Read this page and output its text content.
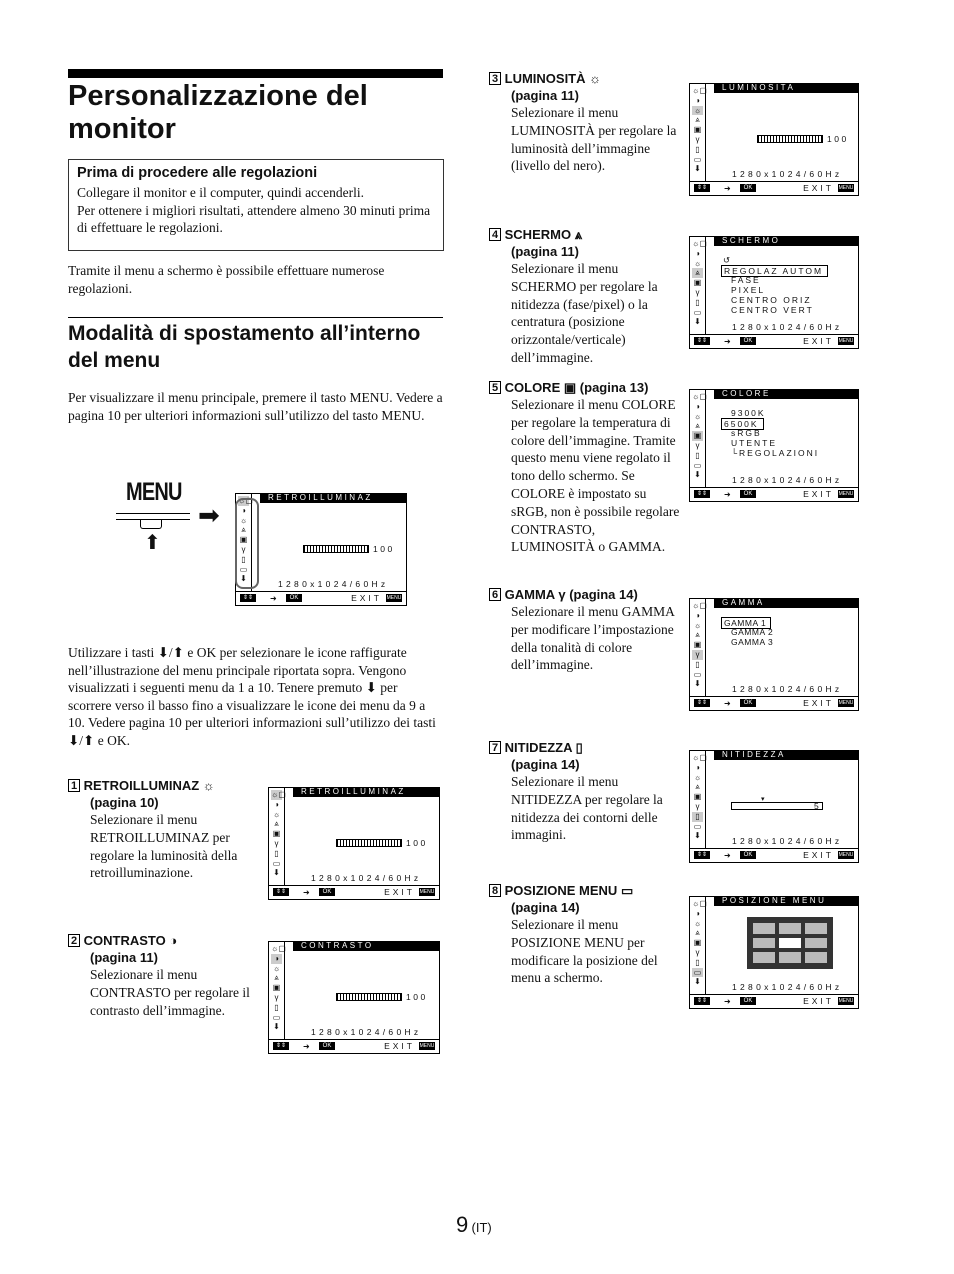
Personalizzazione del monitor
Prima di procedere alle regolazioni

Collegare il monitor e il computer, quindi accenderli.

Per ottenere i migliori risultati, attendere almeno 30 minuti prima di effettuare le regolazioni.

Tramite il menu a schermo è possibile effettuare numerose regolazioni.
Modalità di spostamento all’interno del menu
Per visualizzare il menu principale, premere il tasto MENU. Vedere a pagina 10 per ulteriori informazioni sull’utilizzo del tasto MENU.
MENU
⬆
➡
RETROILLUMINAZ
☼▢
◑
☼
⩓
▣
γ
▯
▭
⬇
100
1280x1024/60Hz
⇕⇕	➜	OK	EXIT MENU
Utilizzare i tasti ⬇/⬆ e OK per selezionare le icone raffigurate nell’illustrazione del menu principale riportata sopra. Vengono visualizzati i seguenti menu da 1 a 10. Tenere premuto ⬇ per scorrere verso il basso fino a visualizzare le icone dei menu da 9 a 10. Vedere pagina 10 per ulteriori informazioni sull’utilizzo dei tasti ⬇/⬆ e OK.
1 RETROILLUMINAZ ☼
(pagina 10)
Selezionare il menu RETROILLUMINAZ per regolare la luminosità della retroilluminazione.
RETROILLUMINAZ
☼▢
◑
☼
⩓
▣
γ
▯
▭
⬇
100
1280x1024/60Hz
⇕⇕	➜	OK	EXIT MENU
2 CONTRASTO ◑
(pagina 11)
Selezionare il menu CONTRASTO per regolare il contrasto dell’immagine.
CONTRASTO
☼▢
◑
☼
⩓
▣
γ
▯
▭
⬇
100
1280x1024/60Hz
⇕⇕	➜	OK	EXIT MENU
3 LUMINOSITÀ ☼
(pagina 11)
Selezionare il menu LUMINOSITÀ per regolare la luminosità dell’immagine (livello del nero).
LUMINOSITA
☼▢
◑
☼
⩓
▣
γ
▯
▭
⬇
100
1280x1024/60Hz
⇕⇕	➜	OK	EXIT MENU
4 SCHERMO ⩓
(pagina 11)
Selezionare il menu SCHERMO per regolare la nitidezza (fase/pixel) o la centratura (posizione orizzontale/verticale) dell’immagine.
SCHERMO
☼▢
◑
☼
⩓
▣
γ
▯
▭
⬇
↺
REGOLAZ AUTOM
FASE
PIXEL
CENTRO ORIZ
CENTRO VERT
1280x1024/60Hz
⇕⇕	➜	OK	EXIT MENU
5 COLORE ▣ (pagina 13)
Selezionare il menu COLORE per regolare la temperatura di colore dell’immagine. Tramite questo menu viene regolato il tono dello schermo. Se COLORE è impostato su sRGB, non è possibile regolare CONTRASTO, LUMINOSITÀ o GAMMA.
COLORE
☼▢
◑
☼
⩓
▣
γ
▯
▭
⬇
9300K
6500K
sRGB
UTENTE
└REGOLAZIONI
1280x1024/60Hz
⇕⇕	➜	OK	EXIT MENU
6 GAMMA γ (pagina 14)
Selezionare il menu GAMMA per modificare l’impostazione della tonalità di colore dell’immagine.
GAMMA
☼▢
◑
☼
⩓
▣
γ
▯
▭
⬇
GAMMA 1
GAMMA 2
GAMMA 3
1280x1024/60Hz
⇕⇕	➜	OK	EXIT MENU
7 NITIDEZZA ▯
(pagina 14)
Selezionare il menu NITIDEZZA per regolare la nitidezza dei contorni delle immagini.
NITIDEZZA
☼▢
◑
☼
⩓
▣
γ
▯
▭
⬇
▾
5
1280x1024/60Hz
⇕⇕	➜	OK	EXIT MENU
8 POSIZIONE MENU ▭
(pagina 14)
Selezionare il menu POSIZIONE MENU per modificare la posizione del menu a schermo.
POSIZIONE MENU
☼▢
◑
☼
⩓
▣
γ
▯
▭
⬇
1280x1024/60Hz
⇕⇕	➜	OK	EXIT MENU
9 (IT)
